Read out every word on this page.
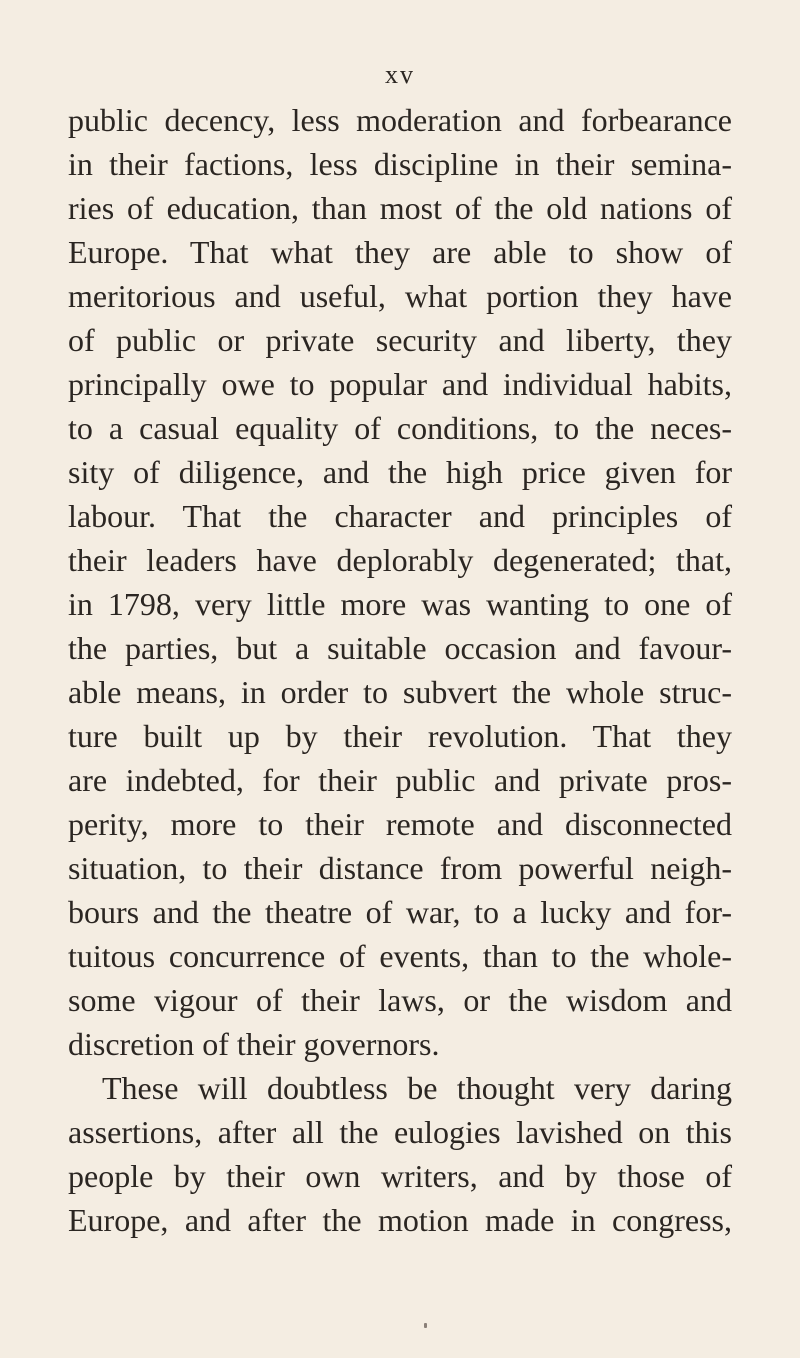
xv
public decency, less moderation and forbearance
in their factions, less discipline in their semina-
ries of education, than most of the old nations of
Europe. That what they are able to show of
meritorious and useful, what portion they have
of public or private security and liberty, they
principally owe to popular and individual habits,
to a casual equality of conditions, to the neces-
sity of diligence, and the high price given for
labour. That the character and principles of
their leaders have deplorably degenerated; that,
in 1798, very little more was wanting to one of
the parties, but a suitable occasion and favour-
able means, in order to subvert the whole struc-
ture built up by their revolution. That they
are indebted, for their public and private pros-
perity, more to their remote and disconnected
situation, to their distance from powerful neigh-
bours and the theatre of war, to a lucky and for-
tuitous concurrence of events, than to the whole-
some vigour of their laws, or the wisdom and
discretion of their governors.
These will doubtless be thought very daring
assertions, after all the eulogies lavished on this
people by their own writers, and by those of
Europe, and after the motion made in congress,
